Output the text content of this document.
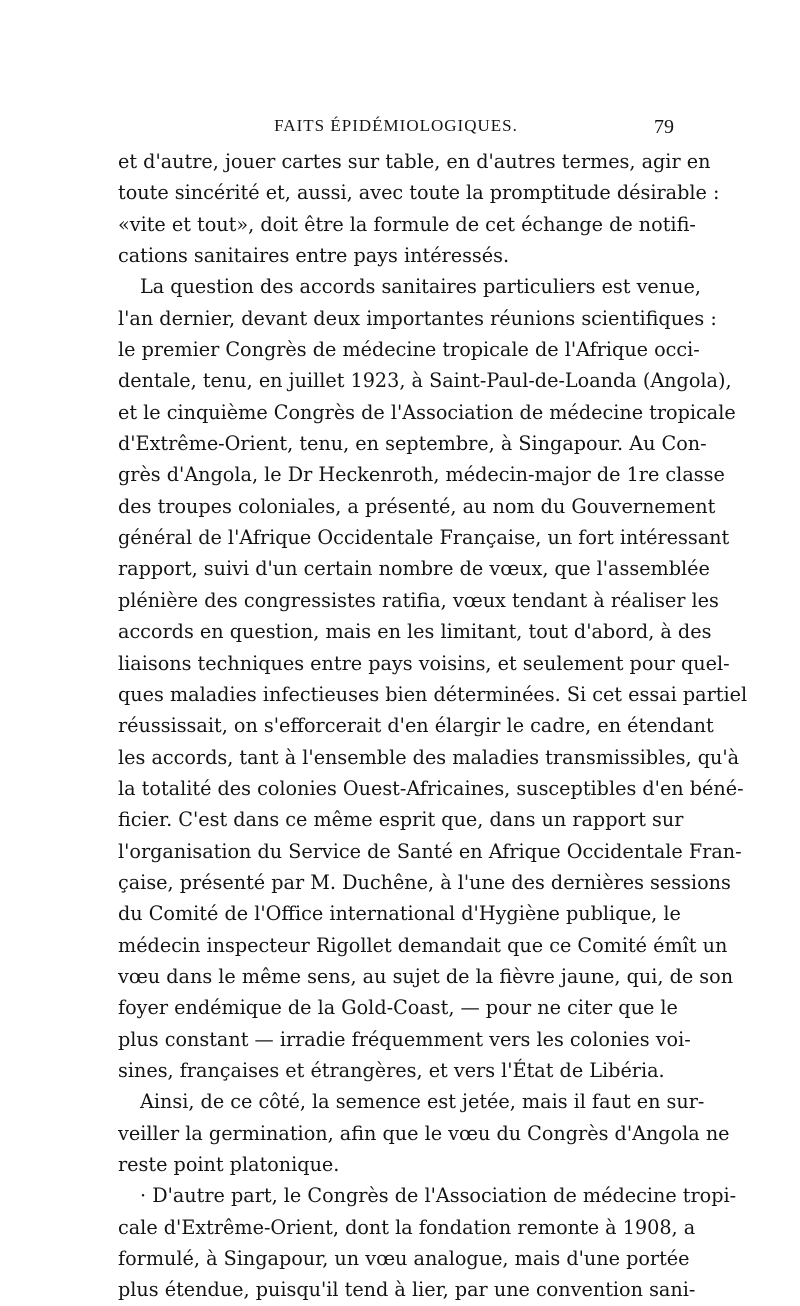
FAITS ÉPIDÉMIOLOGIQUES.	79
et d'autre, jouer cartes sur table, en d'autres termes, agir en
toute sincérité et, aussi, avec toute la promptitude désirable :
«vite et tout», doit être la formule de cet échange de notifi-
cations sanitaires entre pays intéressés.
La question des accords sanitaires particuliers est venue,
l'an dernier, devant deux importantes réunions scientifiques :
le premier Congrès de médecine tropicale de l'Afrique occi-
dentale, tenu, en juillet 1923, à Saint-Paul-de-Loanda (Angola),
et le cinquième Congrès de l'Association de médecine tropicale
d'Extrême-Orient, tenu, en septembre, à Singapour. Au Con-
grès d'Angola, le Dr Heckenroth, médecin-major de 1re classe
des troupes coloniales, a présenté, au nom du Gouvernement
général de l'Afrique Occidentale Française, un fort intéressant
rapport, suivi d'un certain nombre de vœux, que l'assemblée
plénière des congressistes ratifia, vœux tendant à réaliser les
accords en question, mais en les limitant, tout d'abord, à des
liaisons techniques entre pays voisins, et seulement pour quel-
ques maladies infectieuses bien déterminées. Si cet essai partiel
réussissait, on s'efforcerait d'en élargir le cadre, en étendant
les accords, tant à l'ensemble des maladies transmissibles, qu'à
la totalité des colonies Ouest-Africaines, susceptibles d'en béné-
ficier. C'est dans ce même esprit que, dans un rapport sur
l'organisation du Service de Santé en Afrique Occidentale Fran-
çaise, présenté par M. Duchêne, à l'une des dernières sessions
du Comité de l'Office international d'Hygiène publique, le
médecin inspecteur Rigollet demandait que ce Comité émît un
vœu dans le même sens, au sujet de la fièvre jaune, qui, de son
foyer endémique de la Gold-Coast, — pour ne citer que le
plus constant — irradie fréquemment vers les colonies voi-
sines, françaises et étrangères, et vers l'État de Libéria.
Ainsi, de ce côté, la semence est jetée, mais il faut en sur-
veiller la germination, afin que le vœu du Congrès d'Angola ne
reste point platonique.
· D'autre part, le Congrès de l'Association de médecine tropi-
cale d'Extrême-Orient, dont la fondation remonte à 1908, a
formulé, à Singapour, un vœu analogue, mais d'une portée
plus étendue, puisqu'il tend à lier, par une convention sani-
